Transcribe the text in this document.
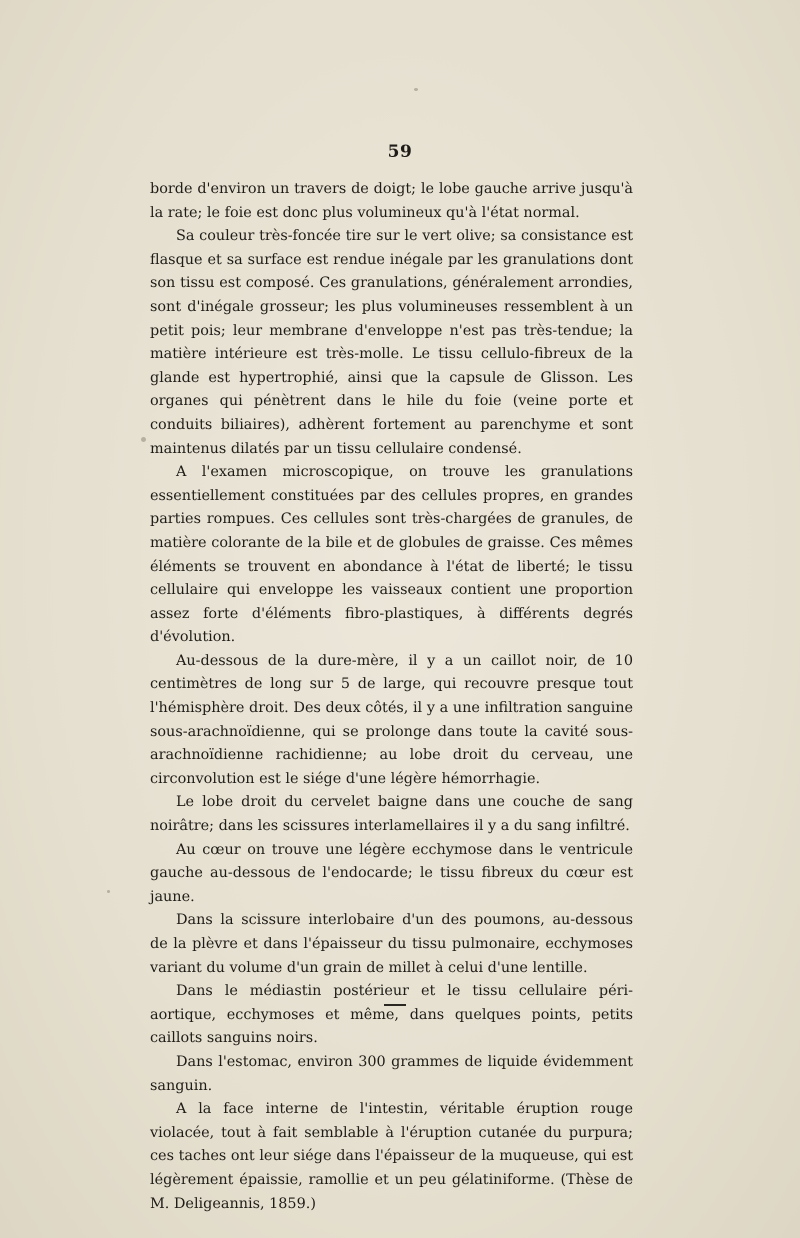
59

borde d'environ un travers de doigt; le lobe gauche arrive jusqu'à la rate; le foie est donc plus volumineux qu'à l'état normal.

Sa couleur très-foncée tire sur le vert olive; sa consistance est flasque et sa surface est rendue inégale par les granulations dont son tissu est composé. Ces granulations, généralement arrondies, sont d'inégale grosseur; les plus volumineuses ressemblent à un petit pois; leur membrane d'enveloppe n'est pas très-tendue; la matière intérieure est très-molle. Le tissu cellulo-fibreux de la glande est hypertrophié, ainsi que la capsule de Glisson. Les organes qui pénètrent dans le hile du foie (veine porte et conduits biliaires), adhèrent fortement au parenchyme et sont maintenus dilatés par un tissu cellulaire condensé.

A l'examen microscopique, on trouve les granulations essentiellement constituées par des cellules propres, en grandes parties rompues. Ces cellules sont très-chargées de granules, de matière colorante de la bile et de globules de graisse. Ces mêmes éléments se trouvent en abondance à l'état de liberté; le tissu cellulaire qui enveloppe les vaisseaux contient une proportion assez forte d'éléments fibro-plastiques, à différents degrés d'évolution.

Au-dessous de la dure-mère, il y a un caillot noir, de 10 centimètres de long sur 5 de large, qui recouvre presque tout l'hémisphère droit. Des deux côtés, il y a une infiltration sanguine sous-arachnoïdienne, qui se prolonge dans toute la cavité sous-arachnoïdienne rachidienne; au lobe droit du cerveau, une circonvolution est le siége d'une légère hémorrhagie.

Le lobe droit du cervelet baigne dans une couche de sang noirâtre; dans les scissures interlamellaires il y a du sang infiltré.

Au cœur on trouve une légère ecchymose dans le ventricule gauche au-dessous de l'endocarde; le tissu fibreux du cœur est jaune.

Dans la scissure interlobaire d'un des poumons, au-dessous de la plèvre et dans l'épaisseur du tissu pulmonaire, ecchymoses variant du volume d'un grain de millet à celui d'une lentille.

Dans le médiastin postérieur et le tissu cellulaire péri-aortique, ecchymoses et même, dans quelques points, petits caillots sanguins noirs.

Dans l'estomac, environ 300 grammes de liquide évidemment sanguin.

A la face interne de l'intestin, véritable éruption rouge violacée, tout à fait semblable à l'éruption cutanée du purpura; ces taches ont leur siége dans l'épaisseur de la muqueuse, qui est légèrement épaissie, ramollie et un peu gélatiniforme. (Thèse de M. Deligeannis, 1859.)
